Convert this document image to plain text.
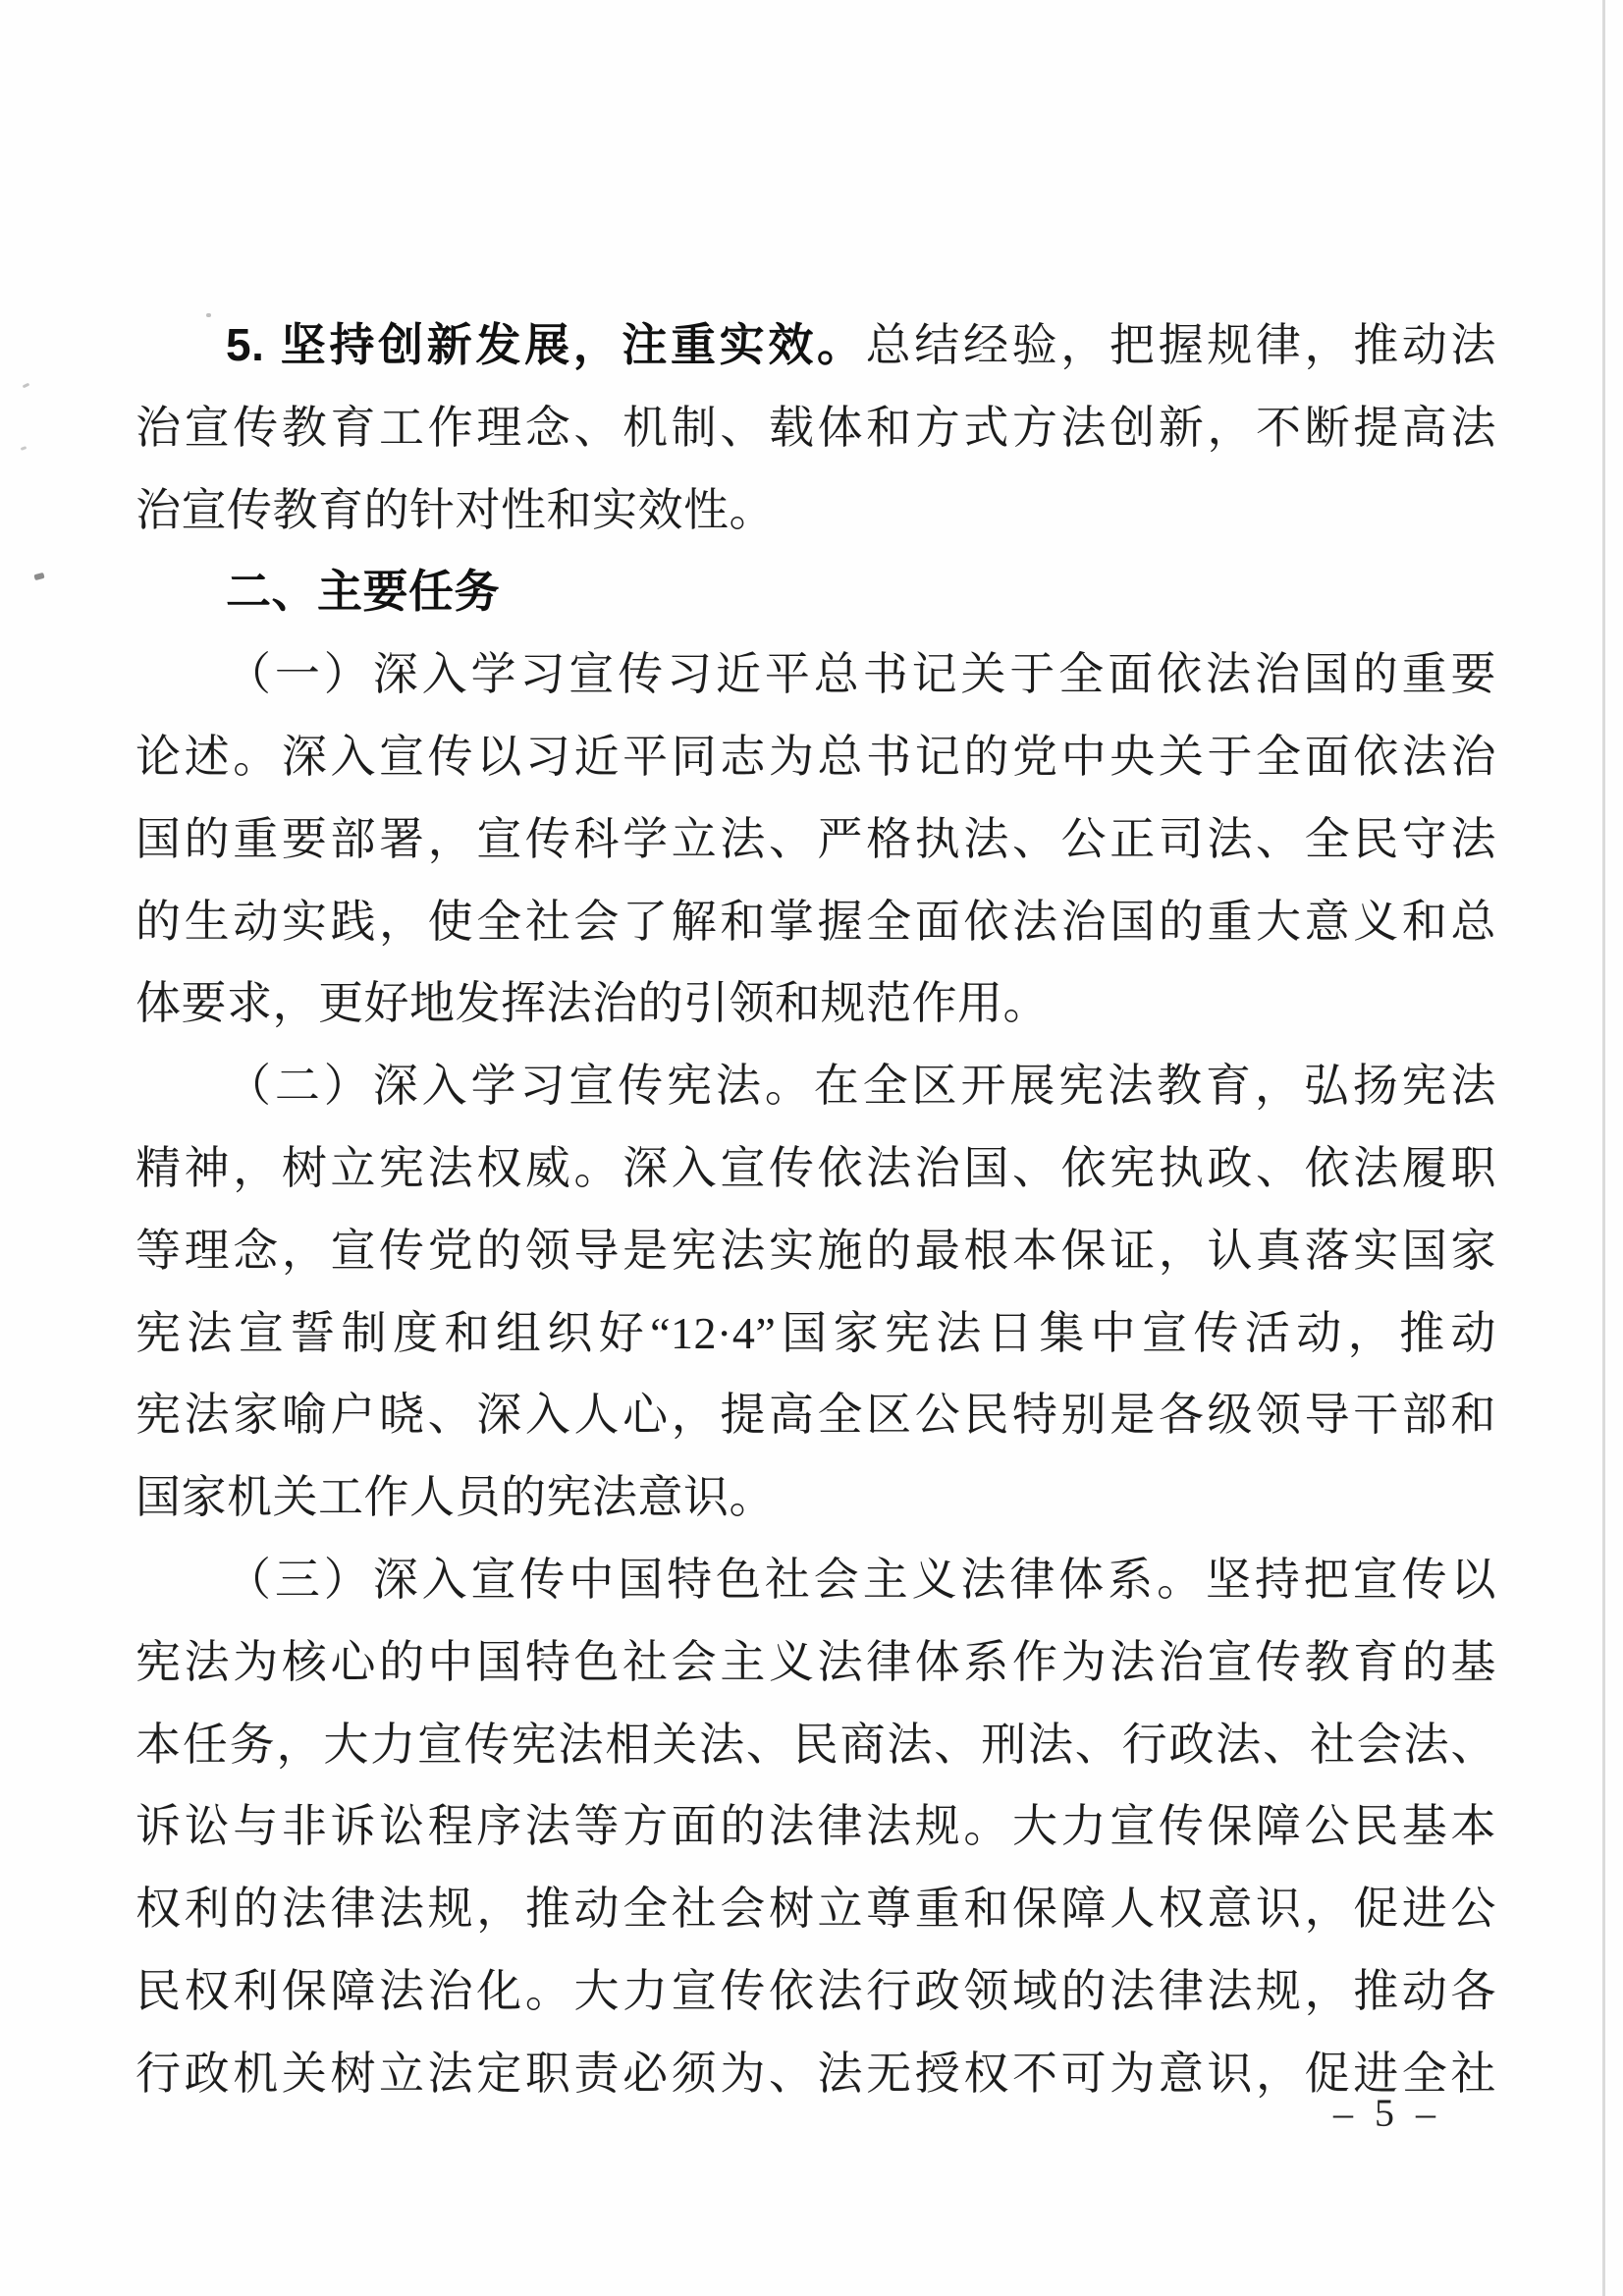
5. 坚持创新发展，注重实效。总结经验，把握规律，推动法
治宣传教育工作理念、机制、载体和方式方法创新，不断提高法
治宣传教育的针对性和实效性。
二、主要任务
（一）深入学习宣传习近平总书记关于全面依法治国的重要
论述。深入宣传以习近平同志为总书记的党中央关于全面依法治
国的重要部署，宣传科学立法、严格执法、公正司法、全民守法
的生动实践，使全社会了解和掌握全面依法治国的重大意义和总
体要求，更好地发挥法治的引领和规范作用。
（二）深入学习宣传宪法。在全区开展宪法教育，弘扬宪法
精神，树立宪法权威。深入宣传依法治国、依宪执政、依法履职
等理念，宣传党的领导是宪法实施的最根本保证，认真落实国家
宪法宣誓制度和组织好“12·4”国家宪法日集中宣传活动，推动
宪法家喻户晓、深入人心，提高全区公民特别是各级领导干部和
国家机关工作人员的宪法意识。
（三）深入宣传中国特色社会主义法律体系。坚持把宣传以
宪法为核心的中国特色社会主义法律体系作为法治宣传教育的基
本任务，大力宣传宪法相关法、民商法、刑法、行政法、社会法、
诉讼与非诉讼程序法等方面的法律法规。大力宣传保障公民基本
权利的法律法规，推动全社会树立尊重和保障人权意识，促进公
民权利保障法治化。大力宣传依法行政领域的法律法规，推动各
行政机关树立法定职责必须为、法无授权不可为意识，促进全社
– 5 –
